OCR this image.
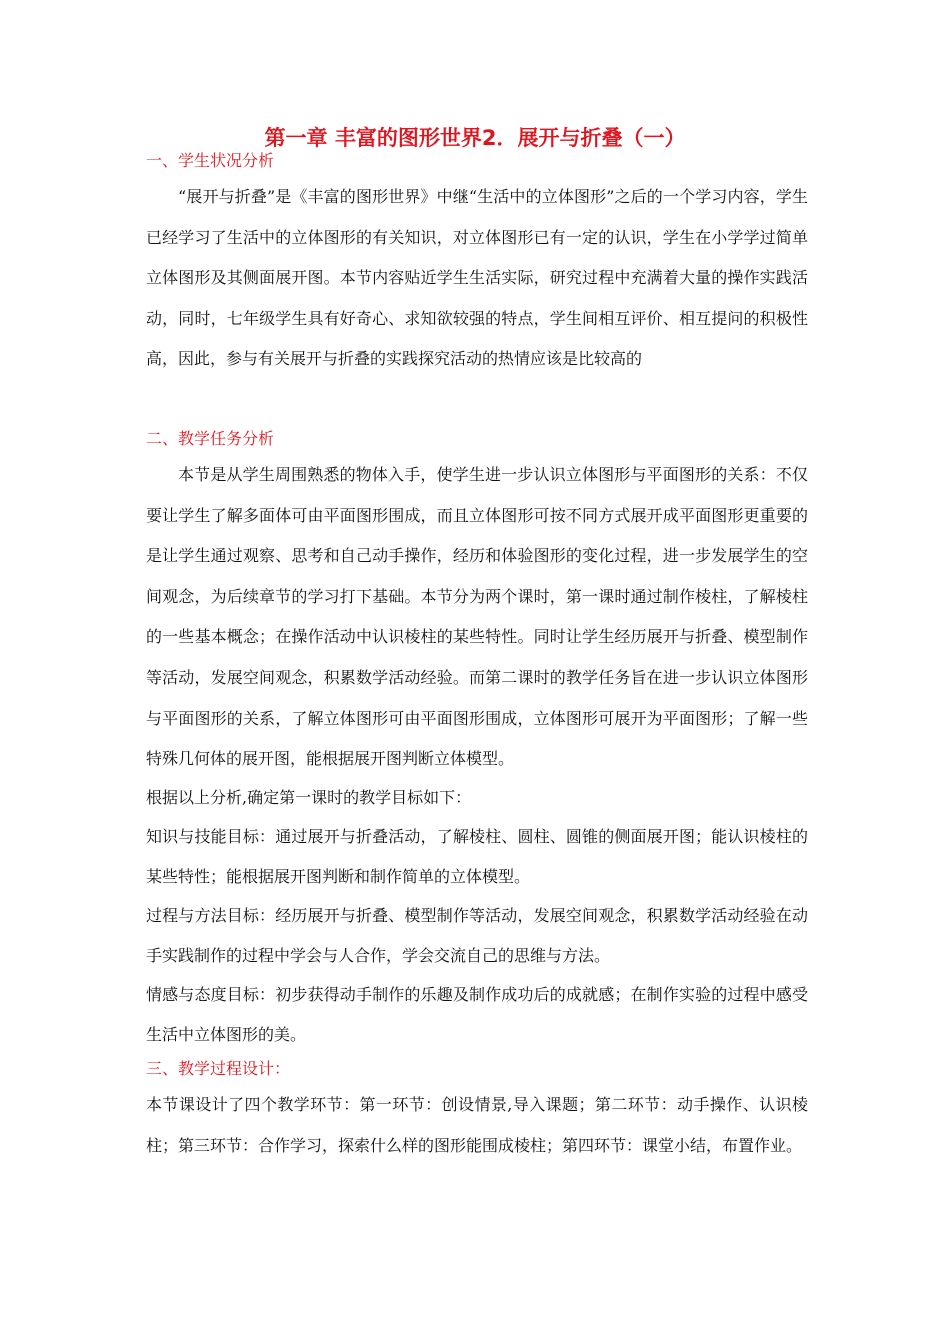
第一章 丰富的图形世界2．展开与折叠（一）
一、学生状况分析

“展开与折叠”是《丰富的图形世界》中继“生活中的立体图形”之后的一个学习内容，学生已经学习了生活中的立体图形的有关知识，对立体图形已有一定的认识，学生在小学学过简单立体图形及其侧面展开图。本节内容贴近学生生活实际，研究过程中充满着大量的操作实践活动，同时，七年级学生具有好奇心、求知欲较强的特点，学生间相互评价、相互提问的积极性高，因此，参与有关展开与折叠的实践探究活动的热情应该是比较高的

二、教学任务分析

本节是从学生周围熟悉的物体入手，使学生进一步认识立体图形与平面图形的关系：不仅要让学生了解多面体可由平面图形围成，而且立体图形可按不同方式展开成平面图形更重要的是让学生通过观察、思考和自己动手操作，经历和体验图形的变化过程，进一步发展学生的空间观念，为后续章节的学习打下基础。本节分为两个课时，第一课时通过制作棱柱，了解棱柱的一些基本概念；在操作活动中认识棱柱的某些特性。同时让学生经历展开与折叠、模型制作等活动，发展空间观念，积累数学活动经验。而第二课时的教学任务旨在进一步认识立体图形与平面图形的关系，了解立体图形可由平面图形围成，立体图形可展开为平面图形；了解一些特殊几何体的展开图，能根据展开图判断立体模型。

根据以上分析,确定第一课时的教学目标如下：

知识与技能目标：通过展开与折叠活动，了解棱柱、圆柱、圆锥的侧面展开图；能认识棱柱的某些特性；能根据展开图判断和制作简单的立体模型。

过程与方法目标：经历展开与折叠、模型制作等活动，发展空间观念，积累数学活动经验在动手实践制作的过程中学会与人合作，学会交流自己的思维与方法。

情感与态度目标：初步获得动手制作的乐趣及制作成功后的成就感；在制作实验的过程中感受生活中立体图形的美。

三、教学过程设计：

本节课设计了四个教学环节：第一环节：创设情景,导入课题；第二环节：动手操作、认识棱柱；第三环节：合作学习，探索什么样的图形能围成棱柱；第四环节：课堂小结，布置作业。
